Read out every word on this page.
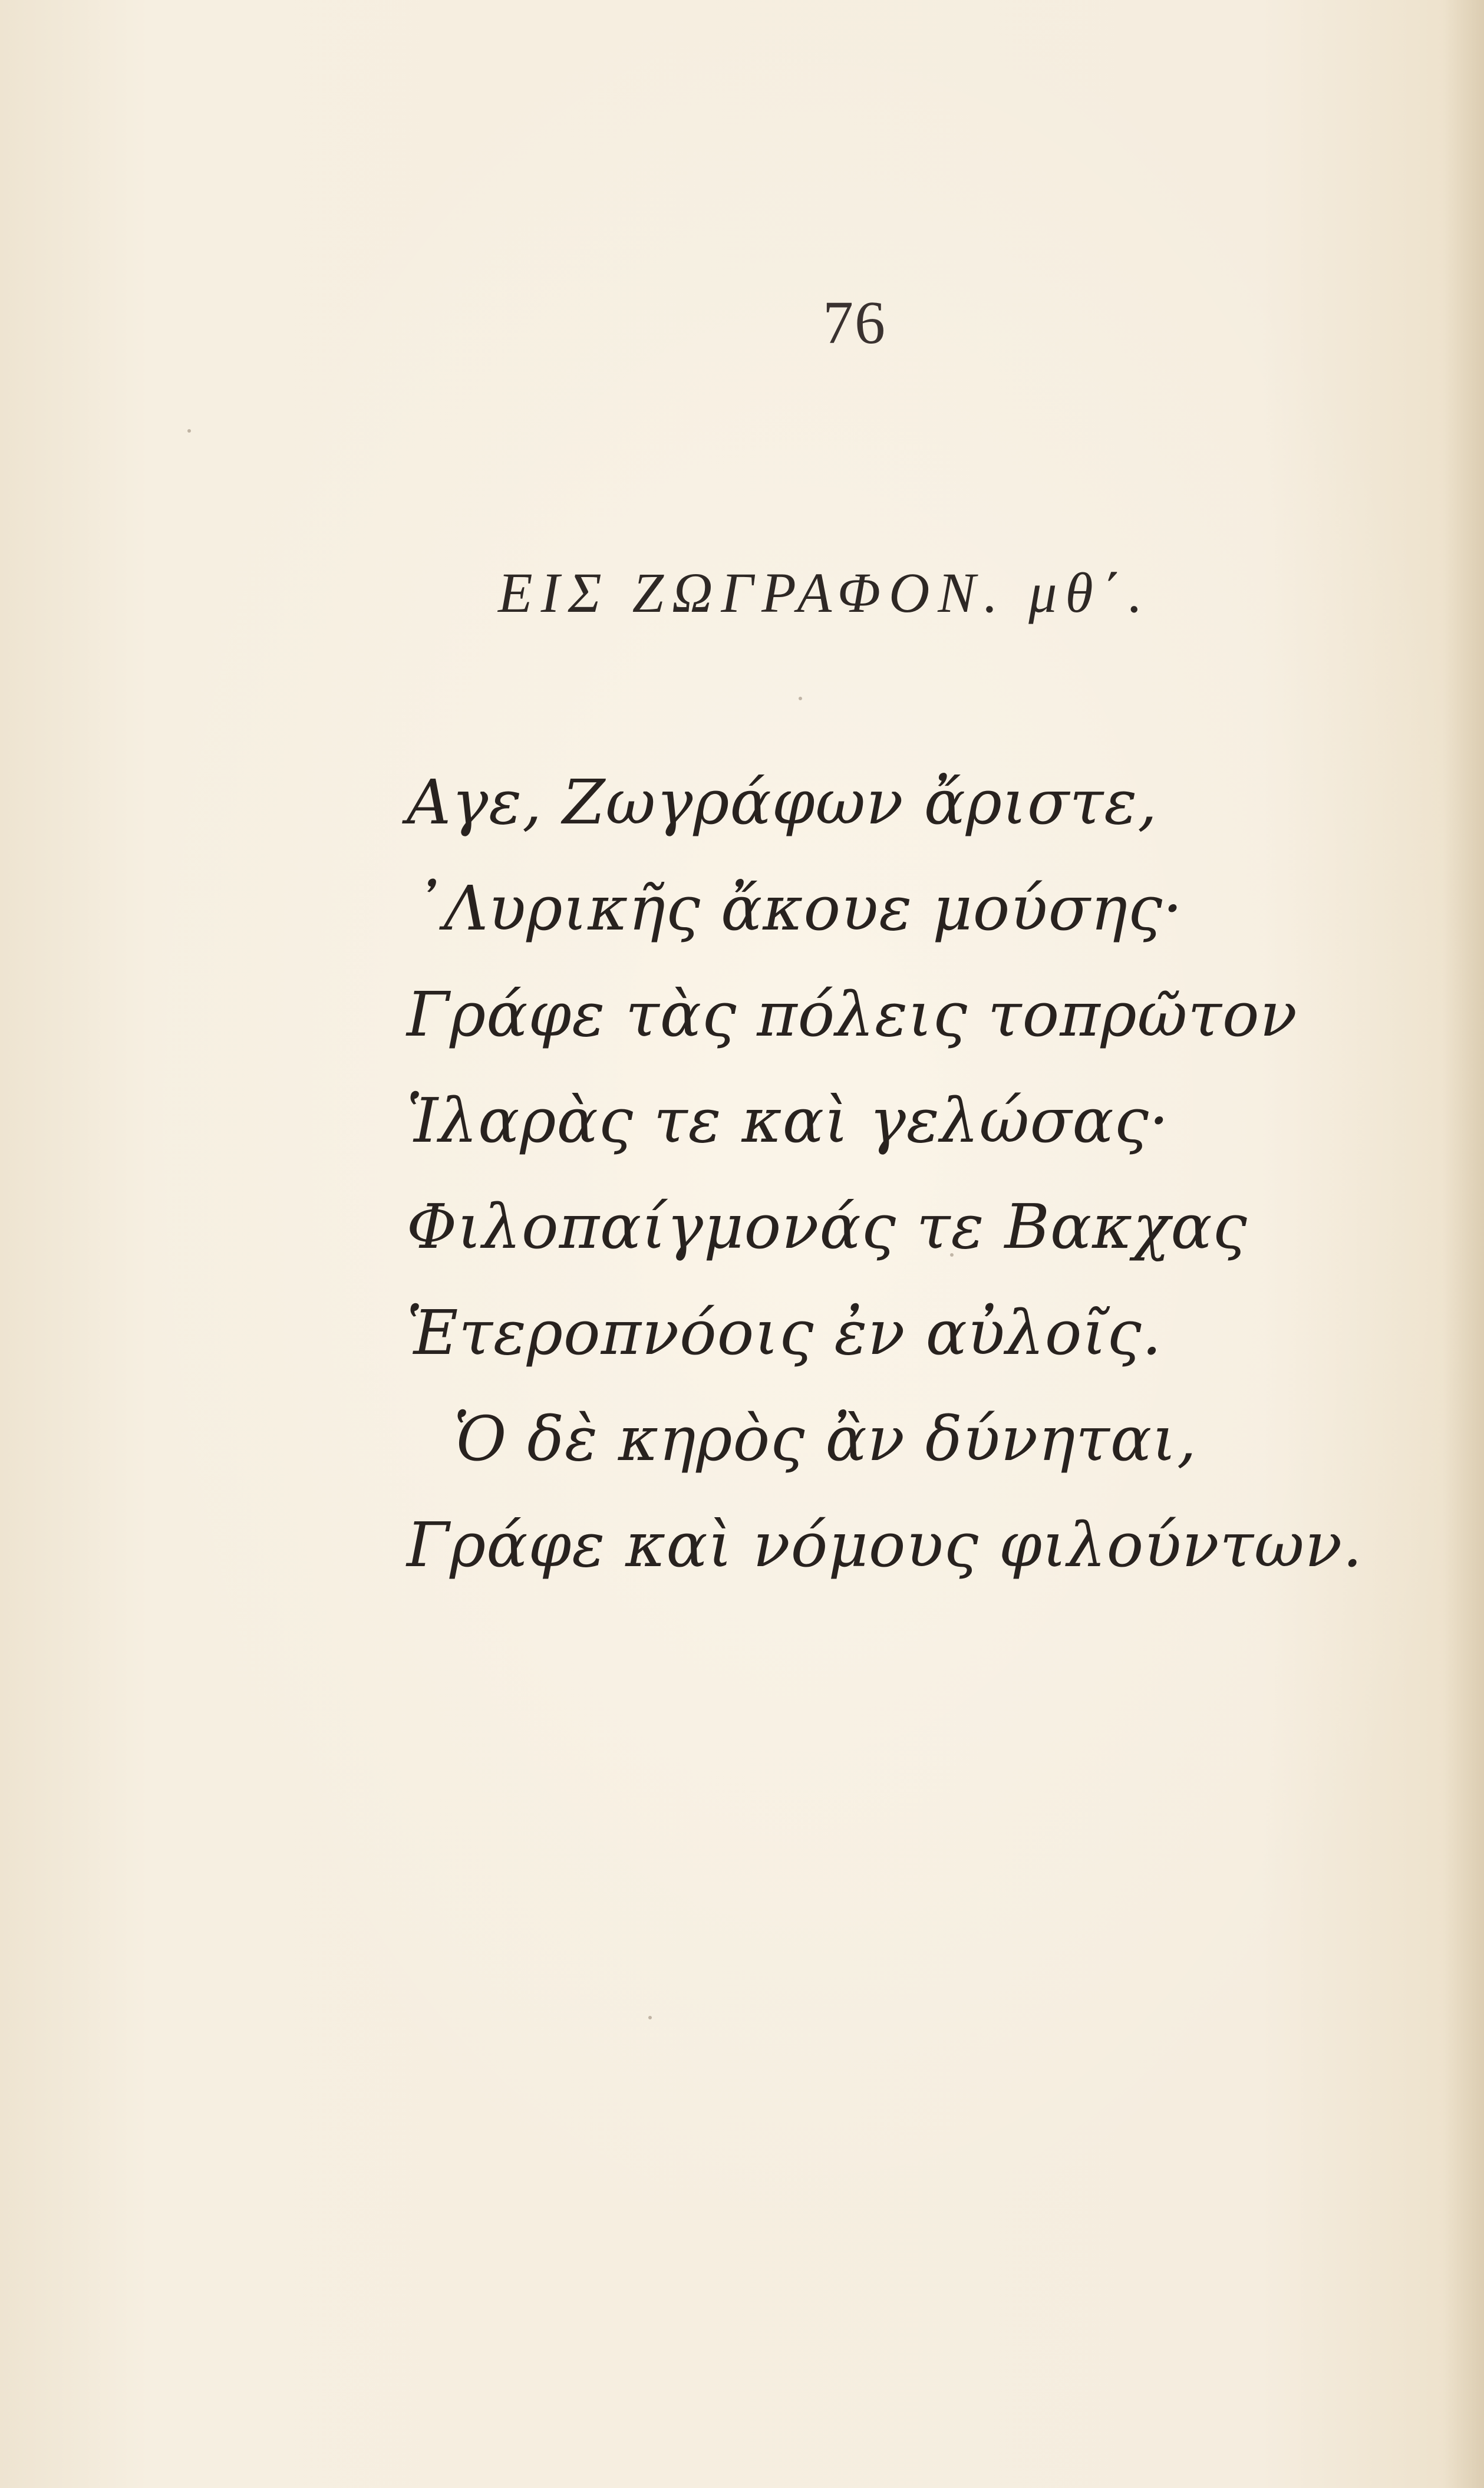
76
ΕΙΣ ΖΩΓΡΑΦΟΝ. μθ΄.
Αγε, Ζωγράφων ἄριστε,
᾽Λυρικῆς ἄκουε μούσης·
Γράφε τὰς πόλεις τοπρῶτον
Ἱλαρὰς τε καὶ γελώσας·
Φιλοπαίγμονάς τε Βακχας
Ἑτεροπνόοις ἐν αὐλοῖς.
Ὁ δὲ κηρὸς ἂν δύνηται,
Γράφε καὶ νόμους φιλούντων.
